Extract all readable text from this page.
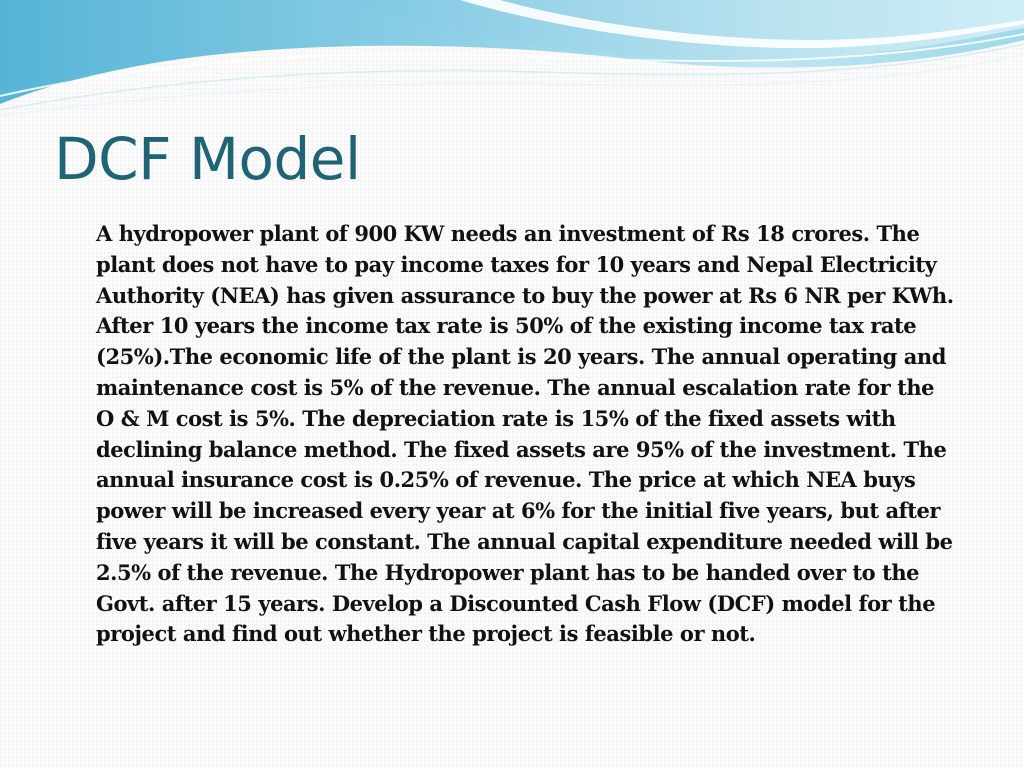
DCF Model

A hydropower plant of 900 KW needs an investment of Rs 18 crores. The plant does not have to pay income taxes for 10 years and Nepal Electricity Authority (NEA) has given assurance to buy the power at Rs 6 NR per KWh. After 10 years the income tax rate is 50% of the existing income tax rate (25%).The economic life of the plant is 20 years. The annual operating and maintenance cost is 5% of the revenue. The annual escalation rate for the O & M cost is 5%. The depreciation rate is 15% of the fixed assets with declining balance method. The fixed assets are 95% of the investment. The annual insurance cost is 0.25% of revenue. The price at which NEA buys power will be increased every year at 6% for the initial five years, but after five years it will be constant. The annual capital expenditure needed will be 2.5% of the revenue. The Hydropower plant has to be handed over to the Govt. after 15 years. Develop a Discounted Cash Flow (DCF) model for the project and find out whether the project is feasible or not.
